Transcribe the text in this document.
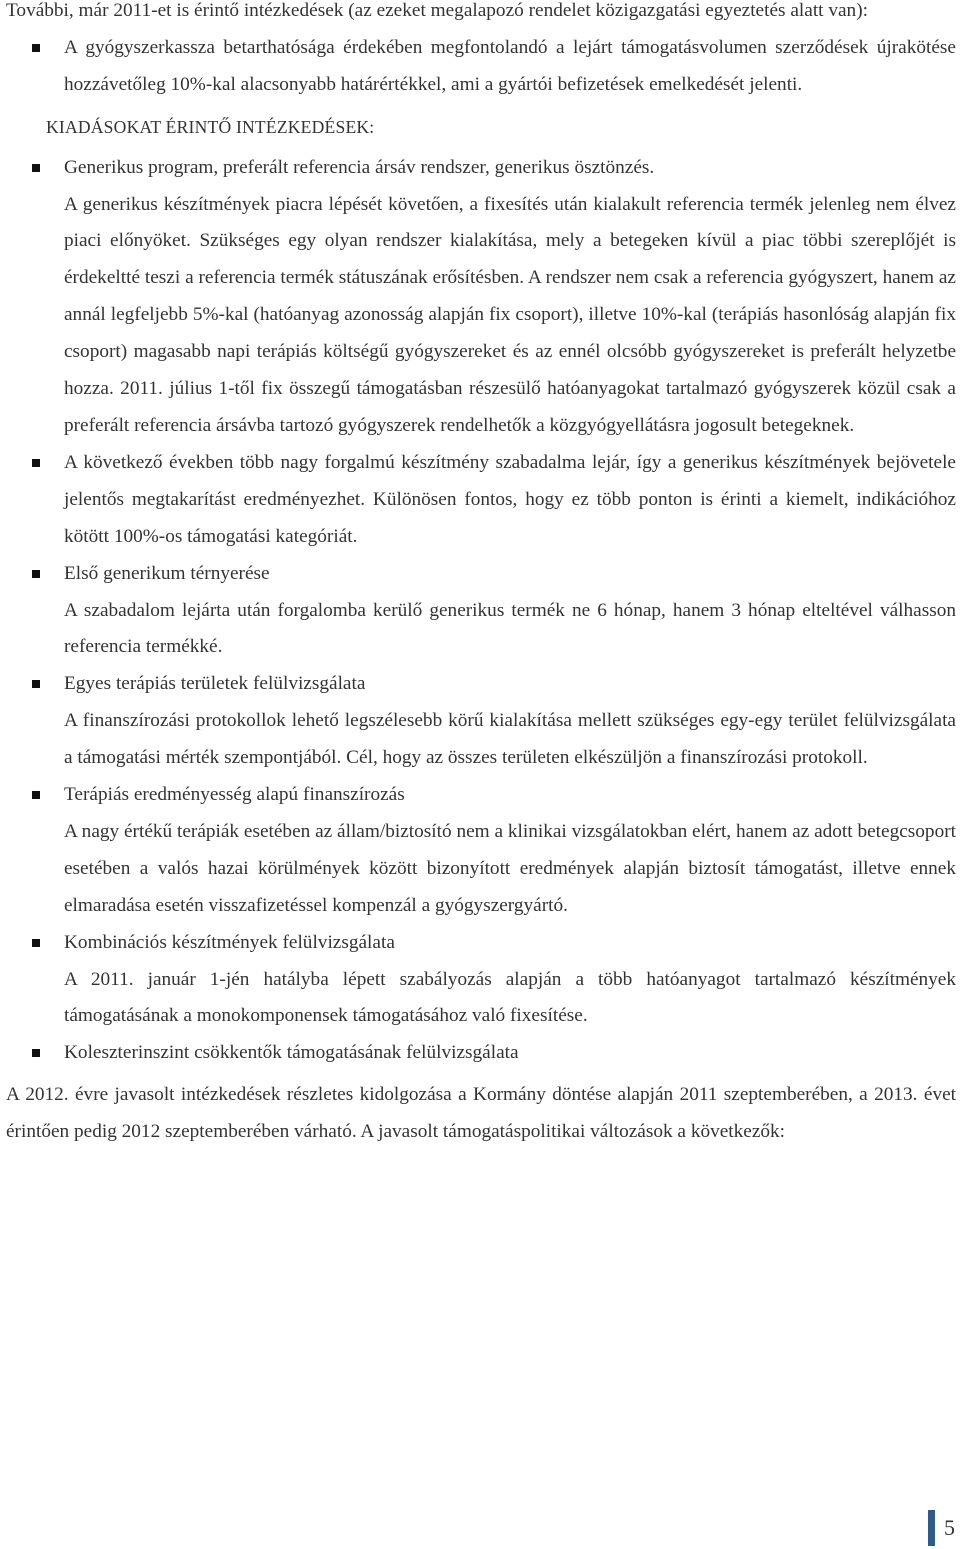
További, már 2011-et is érintő intézkedések (az ezeket megalapozó rendelet közigazgatási egyeztetés alatt van):

A gyógyszerkassza betarthatósága érdekében megfontolandó a lejárt támogatásvolumen szerződések újrakötése hozzávetőleg 10%-kal alacsonyabb határértékkel, ami a gyártói befizetések emelkedését jelenti.

KIADÁSOKAT ÉRINTŐ INTÉZKEDÉSEK:

Generikus program, preferált referencia ársáv rendszer, generikus ösztönzés.
A generikus készítmények piacra lépését követően, a fixesítés után kialakult referencia termék jelenleg nem élvez piaci előnyöket. Szükséges egy olyan rendszer kialakítása, mely a betegeken kívül a piac többi szereplőjét is érdekeltté teszi a referencia termék státuszának erősítésben. A rendszer nem csak a referencia gyógyszert, hanem az annál legfeljebb 5%-kal (hatóanyag azonosság alapján fix csoport), illetve 10%-kal (terápiás hasonlóság alapján fix csoport) magasabb napi terápiás költségű gyógyszereket és az ennél olcsóbb gyógyszereket is preferált helyzetbe hozza. 2011. július 1-től fix összegű támogatásban részesülő hatóanyagokat tartalmazó gyógyszerek közül csak a preferált referencia ársávba tartozó gyógyszerek rendelhetők a közgyógyellátásra jogosult betegeknek.
A következő években több nagy forgalmú készítmény szabadalma lejár, így a generikus készítmények bejövetele jelentős megtakarítást eredményezhet. Különösen fontos, hogy ez több ponton is érinti a kiemelt, indikációhoz kötött 100%-os támogatási kategóriát.
Első generikum térnyerése
A szabadalom lejárta után forgalomba kerülő generikus termék ne 6 hónap, hanem 3 hónap elteltével válhasson referencia termékké.
Egyes terápiás területek felülvizsgálata
A finanszírozási protokollok lehető legszélesebb körű kialakítása mellett szükséges egy-egy terület felülvizsgálata a támogatási mérték szempontjából. Cél, hogy az összes területen elkészüljön a finanszírozási protokoll.
Terápiás eredményesség alapú finanszírozás
A nagy értékű terápiák esetében az állam/biztosító nem a klinikai vizsgálatokban elért, hanem az adott betegcsoport esetében a valós hazai körülmények között bizonyított eredmények alapján biztosít támogatást, illetve ennek elmaradása esetén visszafizetéssel kompenzál a gyógyszergyártó.
Kombinációs készítmények felülvizsgálata
A 2011. január 1-jén hatályba lépett szabályozás alapján a több hatóanyagot tartalmazó készítmények támogatásának a monokomponensek támogatásához való fixesítése.
Koleszterinszint csökkentők támogatásának felülvizsgálata

A 2012. évre javasolt intézkedések részletes kidolgozása a Kormány döntése alapján 2011 szeptemberében, a 2013. évet érintően pedig 2012 szeptemberében várható. A javasolt támogatáspolitikai változások a következők:

5
